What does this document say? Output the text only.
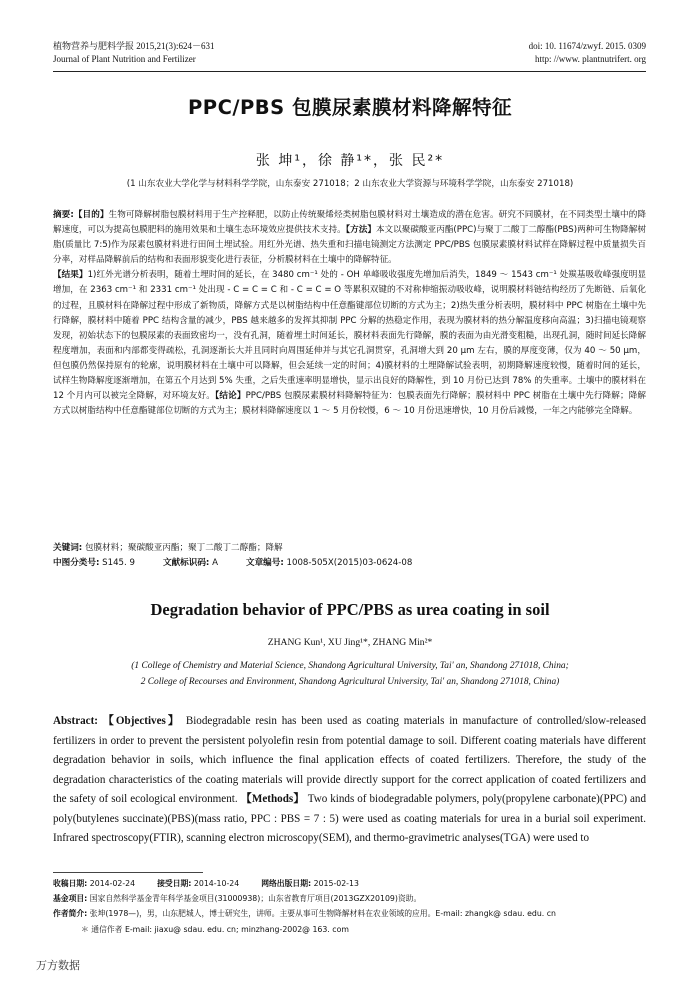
植物营养与肥料学报 2015,21(3):624－631
Journal of Plant Nutrition and Fertilizer
doi: 10. 11674/zwyf. 2015. 0309
http: //www. plantnutrifert. org
PPC/PBS 包膜尿素膜材料降解特征
张 坤¹，徐 静¹*，张 民²*
(1 山东农业大学化学与材料科学学院，山东泰安 271018；2 山东农业大学资源与环境科学学院，山东泰安 271018)
摘要:【目的】生物可降解树脂包膜材料用于生产控释肥，以防止传统聚烯烃类树脂包膜材料对土壤造成的潜在危害。研究不同膜材，在不同类型土壤中的降解速度，可以为提高包膜肥料的施用效果和土壤生态环境效应提供技术支持。【方法】本文以聚碳酸亚丙酯(PPC)与聚丁二酸丁二醇酯(PBS)两种可生物降解树脂(质量比 7:5)作为尿素包膜材料进行田间土埋试验。用红外光谱、热失重和扫描电镜测定方法测定 PPC/PBS 包膜尿素膜材料试样在降解过程中质量损失百分率，对样品降解前后的结构和表面形貌变化进行表征，分析膜材料在土壤中的降解特征。
【结果】1)红外光谱分析表明，随着土埋时间的延长，在 3480 cm⁻¹ 处的 - OH 单峰吸收强度先增加后消失，1849 ～ 1543 cm⁻¹ 处羰基吸收峰强度明显增加，在 2363 cm⁻¹ 和 2331 cm⁻¹ 处出现 - C = C = C 和 - C = C = O 等累积双键的不对称伸缩振动吸收峰，说明膜材料链结构经历了先断链、后氧化的过程，且膜材料在降解过程中形成了新物质，降解方式是以树脂结构中任意酯键部位切断的方式为主；2)热失重分析表明，膜材料中 PPC 树脂在土壤中先行降解，膜材料中随着 PPC 结构含量的减少，PBS 越来越多的发挥其抑制 PPC 分解的热稳定作用，表现为膜材料的热分解温度移向高温；3)扫描电镜观察发现，初始状态下的包膜尿素的表面致密均一，没有孔洞，随着埋土时间延长，膜材料表面先行降解，膜的表面为由光滑变粗糙，出现孔洞，随时间延长降解程度增加，表面和内部都变得疏松，孔洞逐渐长大并且同时向周围延伸并与其它孔洞贯穿，孔洞增大到 20 μm 左右，膜的厚度变薄，仅为 40 ～ 50 μm，但包膜仍然保持原有的轮廓，说明膜材料在土壤中可以降解，但会延续一定的时间；4)膜材料的土埋降解试验表明，初期降解速度较慢，随着时间的延长，试样生物降解度逐渐增加，在第五个月达到 5% 失重，之后失重速率明显增快，显示出良好的降解性，到 10 月份已达到 78% 的失重率。土壤中的膜材料在 12 个月内可以被完全降解，对环境友好。【结论】PPC/PBS 包膜尿素膜材料降解特征为：包膜表面先行降解；膜材料中 PPC 树脂在土壤中先行降解；降解方式以树脂结构中任意酯键部位切断的方式为主；膜材料降解速度以 1 ～ 5 月份较慢，6 ～ 10 月份迅速增快，10 月份后减慢，一年之内能够完全降解。
关键词: 包膜材料；聚碳酸亚丙酯；聚丁二酸丁二醇酯；降解
中图分类号: S145. 9	文献标识码: A	文章编号: 1008-505X(2015)03-0624-08
Degradation behavior of PPC/PBS as urea coating in soil
ZHANG Kun¹, XU Jing¹*, ZHANG Min²*
(1 College of Chemistry and Material Science, Shandong Agricultural University, Tai' an, Shandong 271018, China;
2 College of Recourses and Environment, Shandong Agricultural University, Tai' an, Shandong 271018, China)
Abstract: 【Objectives】 Biodegradable resin has been used as coating materials in manufacture of controlled/slow-released fertilizers in order to prevent the persistent polyolefin resin from potential damage to soil. Different coating materials have different degradation behavior in soils, which influence the final application effects of coated fertilizers. Therefore, the study of the degradation characteristics of the coating materials will provide directly support for the correct application of coated fertilizers and the safety of soil ecological environment. 【Methods】 Two kinds of biodegradable polymers, poly(propylene carbonate)(PPC) and poly(butylenes succinate)(PBS)(mass ratio, PPC : PBS = 7 : 5) were used as coating materials for urea in a burial soil experiment. Infrared spectroscopy(FTIR), scanning electron microscopy(SEM), and thermo-gravimetric analyses(TGA) were used to
收稿日期: 2014-02-24	接受日期: 2014-10-24	网络出版日期: 2015-02-13
基金项目: 国家自然科学基金青年科学基金项目(31000938)；山东省教育厅项目(2013GZX20109)资助。
作者简介: 张坤(1978—)，男，山东肥城人，博士研究生，讲师。主要从事可生物降解材料在农业领域的应用。E-mail: zhangk@ sdau. edu. cn
＊ 通信作者 E-mail: jiaxu@ sdau. edu. cn; minzhang-2002@ 163. com
万方数据
